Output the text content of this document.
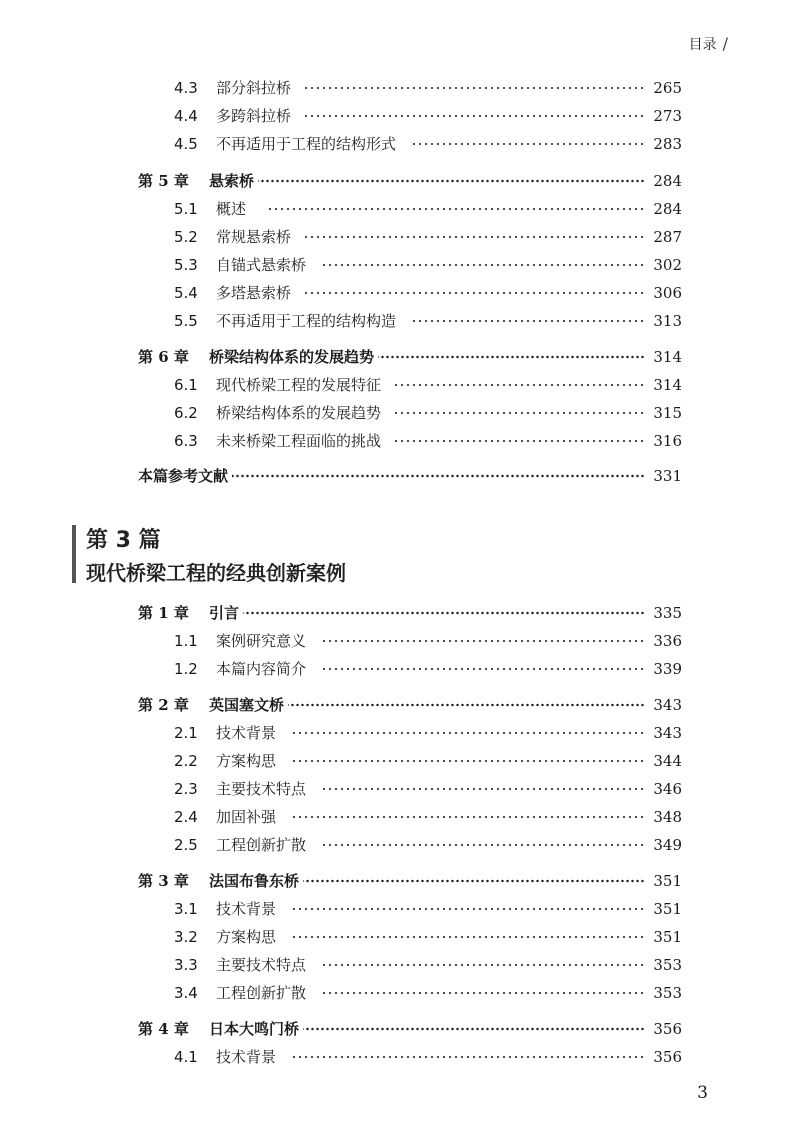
目录 /
4.3 部分斜拉桥	265
4.4 多跨斜拉桥	273
4.5 不再适用于工程的结构形式	283
第 5 章 悬索桥	284
5.1 概述	284
5.2 常规悬索桥	287
5.3 自锚式悬索桥	302
5.4 多塔悬索桥	306
5.5 不再适用于工程的结构构造	313
第 6 章 桥梁结构体系的发展趋势	314
6.1 现代桥梁工程的发展特征	314
6.2 桥梁结构体系的发展趋势	315
6.3 未来桥梁工程面临的挑战	316
本篇参考文献	331
第 3 篇
现代桥梁工程的经典创新案例
第 1 章 引言	335
1.1 案例研究意义	336
1.2 本篇内容简介	339
第 2 章 英国塞文桥	343
2.1 技术背景	343
2.2 方案构思	344
2.3 主要技术特点	346
2.4 加固补强	348
2.5 工程创新扩散	349
第 3 章 法国布鲁东桥	351
3.1 技术背景	351
3.2 方案构思	351
3.3 主要技术特点	353
3.4 工程创新扩散	353
第 4 章 日本大鸣门桥	356
4.1 技术背景	356
3
